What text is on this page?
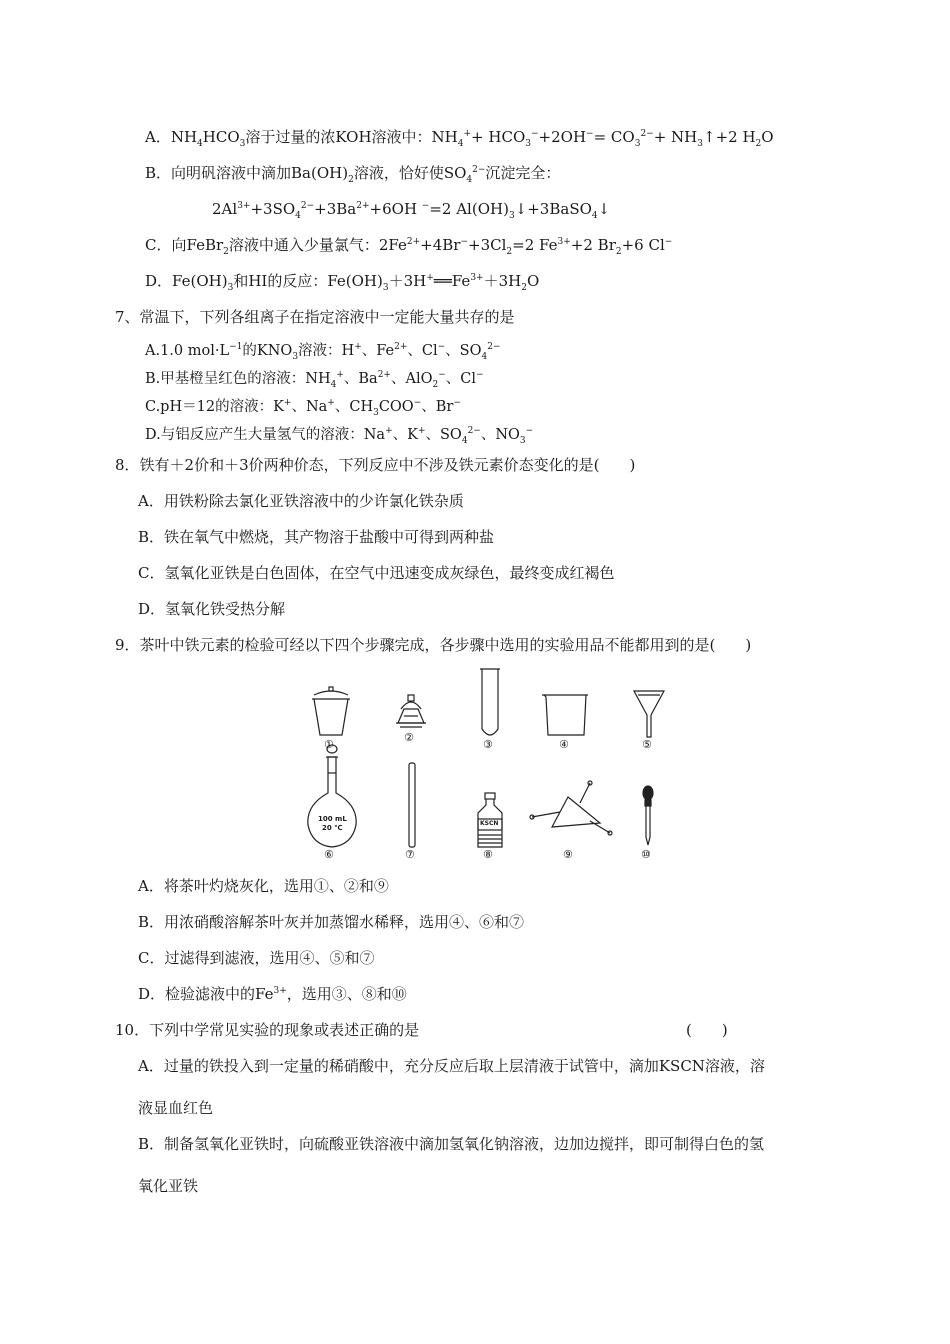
A．$NH_4HCO_3$溶于过量的浓KOH溶液中：$NH_4^++ HCO_3^-+2OH^-= CO_3^{2-}+$ $NH_3↑+2$ $H_2O$
B．向明矾溶液中滴加$Ba(OH)_2$溶液，恰好使$SO_4^{2-}$沉淀完全：
$2Al^{3+}+3SO_4^{2-}+3Ba^{2+}+6OH$ −=2 $Al(OH)_3↓+3BaSO_4↓$
C．向FeBr$_2$溶液中通入少量氯气：$2Fe^{2+}+4Br^-+3Cl_2=2$ $Fe^{3+}+2$ $Br_2+6$ Cl−
D．$Fe(OH)_3$和HI的反应：$Fe(OH)_3+3H^+══Fe^{3+}+3H_2O$
7、常温下，下列各组离子在指定溶液中一定能大量共存的是
A.1.0 $mol\cdot L^{-1}$的$KNO_3$溶液：H+、$Fe^{2+}$、Cl−、$SO_4^{2-}$
B.甲基橙呈红色的溶液：$NH_4^+$、$Ba^{2+}$、AlO$_2$−、Cl−
C.pH＝12的溶液：K+、Na+、$CH_3COO^-$、Br−
D.与铝反应产生大量氢气的溶液：Na+、K+、$SO_4^{2-}$、$NO_3^-$
8．铁有＋2价和＋3价两种价态，下列反应中不涉及铁元素价态变化的是(　　)
A．用铁粉除去氯化亚铁溶液中的少许氯化铁杂质
B．铁在氧气中燃烧，其产物溶于盐酸中可得到两种盐
C．氢氧化亚铁是白色固体，在空气中迅速变成灰绿色，最终变成红褐色
D．氢氧化铁受热分解
9．茶叶中铁元素的检验可经以下四个步骤完成，各步骤中选用的实验用品不能都用到的是(　　)
①
②
③	④	⑤
⑥	⑦	⑧	⑨	⑩
100 mL
20 ℃
KSCN
A．将茶叶灼烧灰化，选用①、②和⑨
B．用浓硝酸溶解茶叶灰并加蒸馏水稀释，选用④、⑥和⑦
C．过滤得到滤液，选用④、⑤和⑦
D．检验滤液中的$Fe^{3+}$，选用③、⑧和⑩
10．下列中学常见实验的现象或表述正确的是	(　　)
A．过量的铁投入到一定量的稀硝酸中，充分反应后取上层清液于试管中，滴加KSCN溶液，溶
液显血红色
B．制备氢氧化亚铁时，向硫酸亚铁溶液中滴加氢氧化钠溶液，边加边搅拌，即可制得白色的氢
氧化亚铁
